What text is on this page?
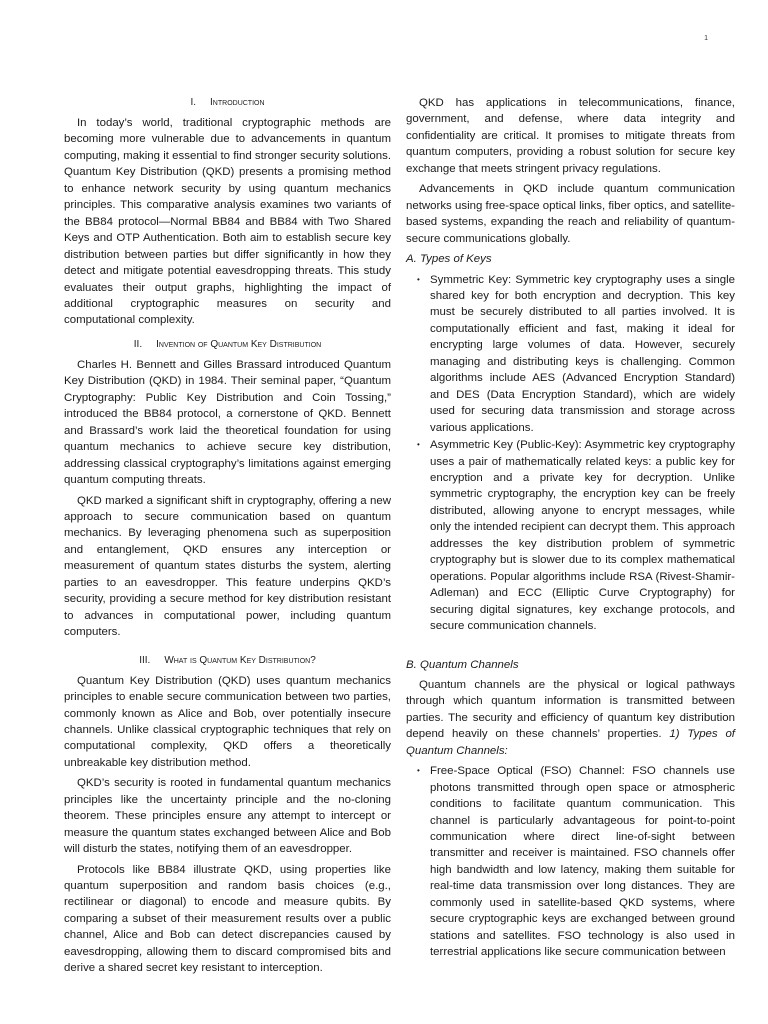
1
I. Introduction

In today’s world, traditional cryptographic methods are becoming more vulnerable due to advancements in quantum computing, making it essential to find stronger security solutions. Quantum Key Distribution (QKD) presents a promising method to enhance network security by using quantum mechanics principles. This comparative analysis examines two variants of the BB84 protocol—Normal BB84 and BB84 with Two Shared Keys and OTP Authentication. Both aim to establish secure key distribution between parties but differ significantly in how they detect and mitigate potential eavesdropping threats. This study evaluates their output graphs, highlighting the impact of additional cryptographic measures on security and computational complexity.

II. Invention of Quantum Key Distribution

Charles H. Bennett and Gilles Brassard introduced Quantum Key Distribution (QKD) in 1984. Their seminal paper, “Quantum Cryptography: Public Key Distribution and Coin Tossing,” introduced the BB84 protocol, a cornerstone of QKD. Bennett and Brassard’s work laid the theoretical foundation for using quantum mechanics to achieve secure key distribution, addressing classical cryptography’s limitations against emerging quantum computing threats.

QKD marked a significant shift in cryptography, offering a new approach to secure communication based on quantum mechanics. By leveraging phenomena such as superposition and entanglement, QKD ensures any interception or measurement of quantum states disturbs the system, alerting parties to an eavesdropper. This feature underpins QKD’s security, providing a secure method for key distribution resistant to advances in computational power, including quantum computers.

III. What is Quantum Key Distribution?

Quantum Key Distribution (QKD) uses quantum mechanics principles to enable secure communication between two parties, commonly known as Alice and Bob, over potentially insecure channels. Unlike classical cryptographic techniques that rely on computational complexity, QKD offers a theoretically unbreakable key distribution method.

QKD’s security is rooted in fundamental quantum mechanics principles like the uncertainty principle and the no-cloning theorem. These principles ensure any attempt to intercept or measure the quantum states exchanged between Alice and Bob will disturb the states, notifying them of an eavesdropper.

Protocols like BB84 illustrate QKD, using properties like quantum superposition and random basis choices (e.g., rectilinear or diagonal) to encode and measure qubits. By comparing a subset of their measurement results over a public channel, Alice and Bob can detect discrepancies caused by eavesdropping, allowing them to discard compromised bits and derive a shared secret key resistant to interception.

QKD has applications in telecommunications, finance, government, and defense, where data integrity and confidentiality are critical. It promises to mitigate threats from quantum computers, providing a robust solution for secure key exchange that meets stringent privacy regulations.

Advancements in QKD include quantum communication networks using free-space optical links, fiber optics, and satellite-based systems, expanding the reach and reliability of quantum-secure communications globally.

A. Types of Keys
• Symmetric Key: Symmetric key cryptography uses a single shared key for both encryption and decryption. This key must be securely distributed to all parties involved. It is computationally efficient and fast, making it ideal for encrypting large volumes of data. However, securely managing and distributing keys is challenging. Common algorithms include AES (Advanced Encryption Standard) and DES (Data Encryption Standard), which are widely used for securing data transmission and storage across various applications.
• Asymmetric Key (Public-Key): Asymmetric key cryptography uses a pair of mathematically related keys: a public key for encryption and a private key for decryption. Unlike symmetric cryptography, the encryption key can be freely distributed, allowing anyone to encrypt messages, while only the intended recipient can decrypt them. This approach addresses the key distribution problem of symmetric cryptography but is slower due to its complex mathematical operations. Popular algorithms include RSA (Rivest-Shamir-Adleman) and ECC (Elliptic Curve Cryptography) for securing digital signatures, key exchange protocols, and secure communication channels.
B. Quantum Channels

Quantum channels are the physical or logical pathways through which quantum information is transmitted between parties. The security and efficiency of quantum key distribution depend heavily on these channels’ properties. 1) Types of Quantum Channels:

• Free-Space Optical (FSO) Channel: FSO channels use photons transmitted through open space or atmospheric conditions to facilitate quantum communication. This channel is particularly advantageous for point-to-point communication where direct line-of-sight between transmitter and receiver is maintained. FSO channels offer high bandwidth and low latency, making them suitable for real-time data transmission over long distances. They are commonly used in satellite-based QKD systems, where secure cryptographic keys are exchanged between ground stations and satellites. FSO technology is also used in terrestrial applications like secure communication between
